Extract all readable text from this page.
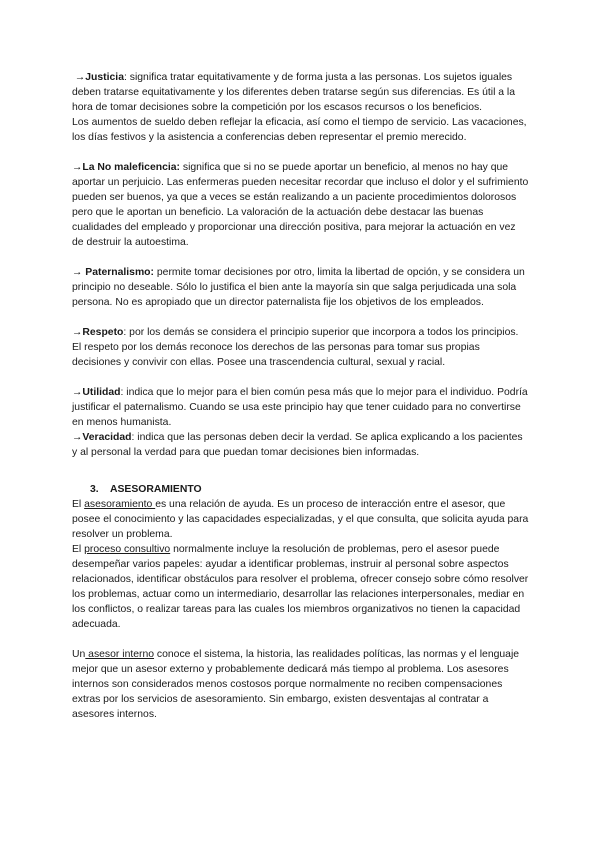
→Justicia: significa tratar equitativamente y de forma justa a las personas. Los sujetos iguales deben tratarse equitativamente y los diferentes deben tratarse según sus diferencias. Es útil a la hora de tomar decisiones sobre la competición por los escasos recursos o los beneficios.

Los aumentos de sueldo deben reflejar la eficacia, así como el tiempo de servicio. Las vacaciones, los días festivos y la asistencia a conferencias deben representar el premio merecido.

→La No maleficencia: significa que si no se puede aportar un beneficio, al menos no hay que aportar un perjuicio. Las enfermeras pueden necesitar recordar que incluso el dolor y el sufrimiento pueden ser buenos, ya que a veces se están realizando a un paciente procedimientos dolorosos pero que le aportan un beneficio. La valoración de la actuación debe destacar las buenas cualidades del empleado y proporcionar una dirección positiva, para mejorar la actuación en vez de destruir la autoestima.

→ Paternalismo: permite tomar decisiones por otro, limita la libertad de opción, y se considera un principio no deseable. Sólo lo justifica el bien ante la mayoría sin que salga perjudicada una sola persona. No es apropiado que un director paternalista fije los objetivos de los empleados.

→Respeto: por los demás se considera el principio superior que incorpora a todos los principios. El respeto por los demás reconoce los derechos de las personas para tomar sus propias decisiones y convivir con ellas. Posee una trascendencia cultural, sexual y racial.

→Utilidad: indica que lo mejor para el bien común pesa más que lo mejor para el individuo. Podría justificar el paternalismo. Cuando se usa este principio hay que tener cuidado para no convertirse en menos humanista.

→Veracidad: indica que las personas deben decir la verdad. Se aplica explicando a los pacientes y al personal la verdad para que puedan tomar decisiones bien informadas.

3. ASESORAMIENTO

El asesoramiento es una relación de ayuda. Es un proceso de interacción entre el asesor, que posee el conocimiento y las capacidades especializadas, y el que consulta, que solicita ayuda para resolver un problema.

El proceso consultivo normalmente incluye la resolución de problemas, pero el asesor puede desempeñar varios papeles: ayudar a identificar problemas, instruir al personal sobre aspectos relacionados, identificar obstáculos para resolver el problema, ofrecer consejo sobre cómo resolver los problemas, actuar como un intermediario, desarrollar las relaciones interpersonales, mediar en los conflictos, o realizar tareas para las cuales los miembros organizativos no tienen la capacidad adecuada.

Un asesor interno conoce el sistema, la historia, las realidades políticas, las normas y el lenguaje mejor que un asesor externo y probablemente dedicará más tiempo al problema. Los asesores internos son considerados menos costosos porque normalmente no reciben compensaciones extras por los servicios de asesoramiento. Sin embargo, existen desventajas al contratar a asesores internos.
